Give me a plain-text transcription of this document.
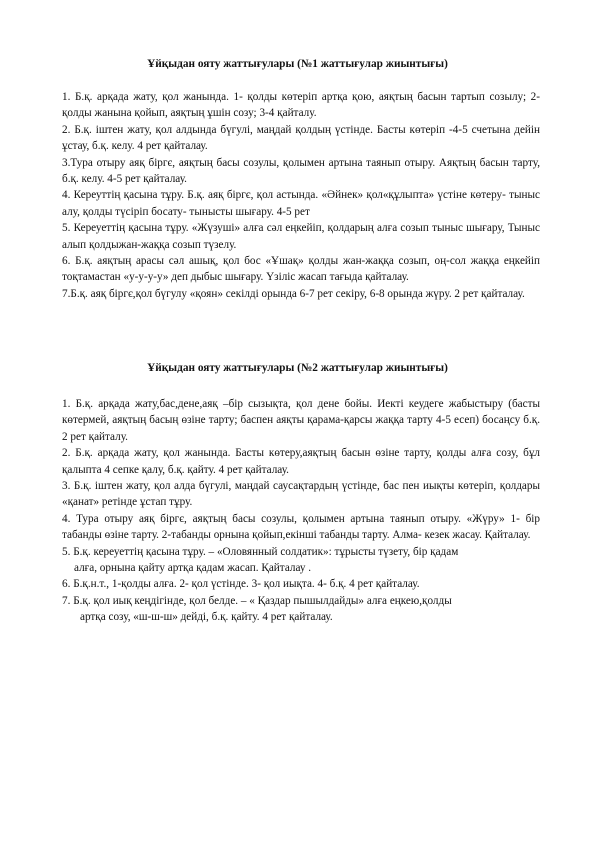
Ұйқыдан ояту жаттығулары (№1 жаттығулар жиынтығы)

1. Б.қ. арқада жату, қол жанында. 1- қолды көтеріп артқа қою, аяқтың басын тартып созылу; 2- қолды жанына қойып, аяқтың ұшін созу; 3-4 қайталу.

2. Б.қ. іштен жату, қол алдында бүгулі, маңдай қолдың үстінде. Басты көтеріп -4-5 счетына дейін ұстау, б.қ. келу. 4 рет қайталау.

3.Тура отыру аяқ біргє, аяқтың басы созулы, қолымен артына таянып отыру. Аяқтың басын тарту, б.қ. келу. 4-5 рет қайталау.

4. Кереуттің қасына тұру. Б.қ. аяқ біргє, қол астында. «Әйнек» қол«құлыпта» үстіне көтеру- тыныс алу, қолды түсіріп босату- тынысты шығару. 4-5 рет

5. Кереуеттің қасына тұру. «Жүзуші» алға сәл еңкейіп, қолдарың алға созып тыныс шығару, Тыныс алып қолдыжан-жаққа созып түзелу.

6. Б.қ. аяқтың арасы сәл ашық, қол бос «Ұшақ» қолды жан-жаққа созып, оң-сол жаққа еңкейіп тоқтамастан «у-у-у-у» деп дыбыс шығару. Үзіліс жасап тағыда қайталау.

7.Б.қ. аяқ біргє,қол бүгулу «қоян» секілді орында 6-7 рет секіру, 6-8 орында жүру. 2 рет қайталау.

Ұйқыдан ояту жаттығулары (№2 жаттығулар жиынтығы)

1. Б.қ. арқада жату,бас,дене,аяқ –бір сызықта, қол дене бойы. Иекті кеудеге жабыстыру (басты көтермей, аяқтың басың өзіне тарту; баспен аяқты қарама-қарсы жаққа тарту 4-5 есеп) босаңсу б.қ. 2 рет қайталу.

2. Б.қ. арқада жату, қол жанында. Басты көтеру,аяқтың басын өзіне тарту, қолды алға созу, бұл қалыпта 4 сепке қалу, б.қ. қайту. 4 рет қайталау.

3. Б.қ. іштен жату, қол алда бүгулі, маңдай саусақтардың үстінде, бас пен иықты көтеріп, қолдары «қанат» ретінде ұстап тұру.

4. Тура отыру аяқ біргє, аяқтың басы созулы, қолымен артына таянып отыру. «Жүру» 1- бір табанды өзіне тарту. 2-табанды орнына қойып,екінші табанды тарту. Алма- кезек жасау. Қайталау.

5. Б.қ. кереуеттің қасына тұру. – «Оловянный солдатик»: тұрысты түзету, бір қадам

алға, орнына қайту артқа қадам жасап. Қайталау .

6. Б.қ.н.т., 1-қолды алға. 2- қол үстінде. 3- қол иықта. 4- б.қ. 4 рет қайталау.

7. Б.қ. қол иық кеңдігінде, қол белде. – « Қаздар пышылдайды» алға еңкею,қолды

артқа созу, «ш-ш-ш» дейді, б.қ. қайту. 4 рет қайталау.
